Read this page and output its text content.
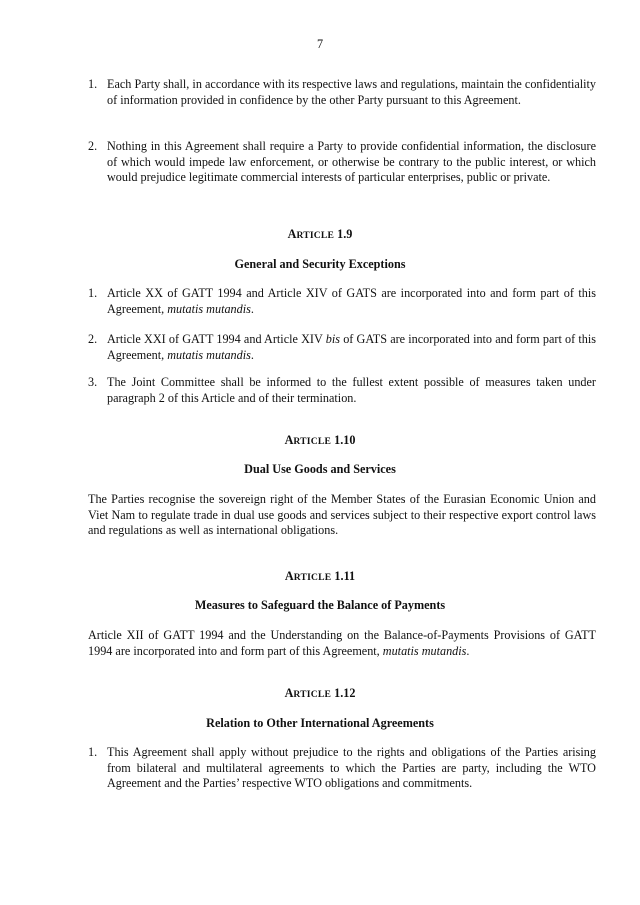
7
1. Each Party shall, in accordance with its respective laws and regulations, maintain the confidentiality of information provided in confidence by the other Party pursuant to this Agreement.
2. Nothing in this Agreement shall require a Party to provide confidential information, the disclosure of which would impede law enforcement, or otherwise be contrary to the public interest, or which would prejudice legitimate commercial interests of particular enterprises, public or private.
ARTICLE 1.9
General and Security Exceptions
1. Article XX of GATT 1994 and Article XIV of GATS are incorporated into and form part of this Agreement, mutatis mutandis.
2. Article XXI of GATT 1994 and Article XIV bis of GATS are incorporated into and form part of this Agreement, mutatis mutandis.
3. The Joint Committee shall be informed to the fullest extent possible of measures taken under paragraph 2 of this Article and of their termination.
ARTICLE 1.10
Dual Use Goods and Services
The Parties recognise the sovereign right of the Member States of the Eurasian Economic Union and Viet Nam to regulate trade in dual use goods and services subject to their respective export control laws and regulations as well as international obligations.
ARTICLE 1.11
Measures to Safeguard the Balance of Payments
Article XII of GATT 1994 and the Understanding on the Balance-of-Payments Provisions of GATT 1994 are incorporated into and form part of this Agreement, mutatis mutandis.
ARTICLE 1.12
Relation to Other International Agreements
1. This Agreement shall apply without prejudice to the rights and obligations of the Parties arising from bilateral and multilateral agreements to which the Parties are party, including the WTO Agreement and the Parties’ respective WTO obligations and commitments.
